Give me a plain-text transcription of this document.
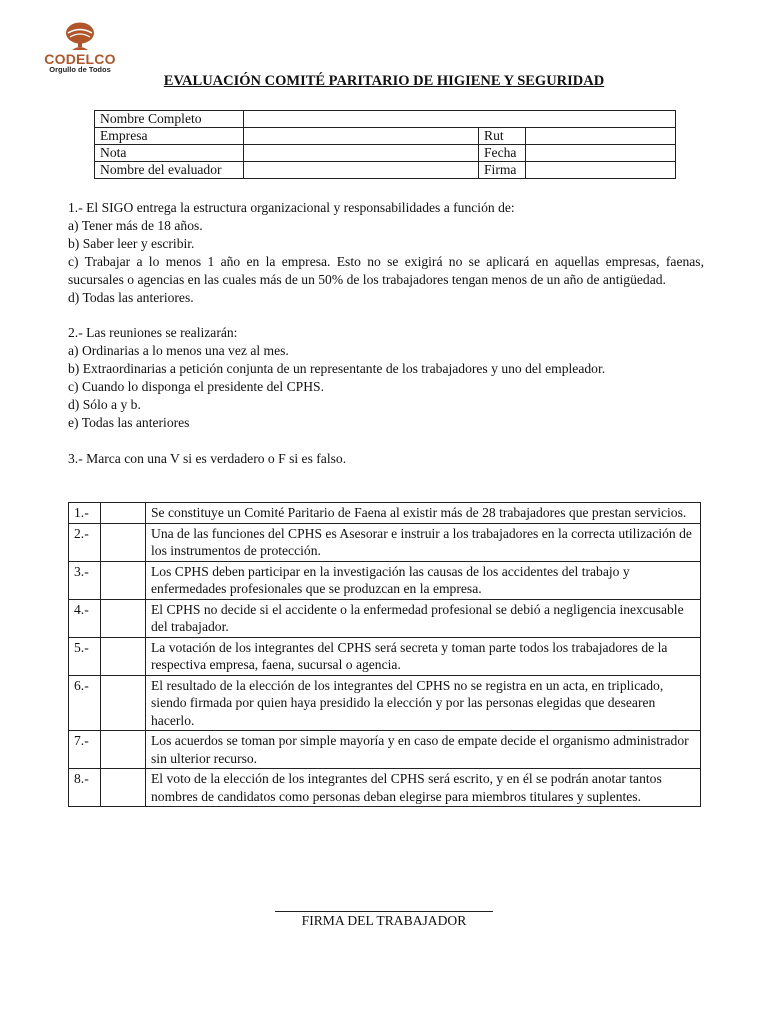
CODELCO
Orgullo de Todos
EVALUACIÓN COMITÉ PARITARIO DE HIGIENE Y SEGURIDAD
Nombre Completo			
Empresa		Rut	
Nota		Fecha	
Nombre del evaluador		Firma	

1.- El SIGO entrega la estructura organizacional y responsabilidades a función de:

a) Tener más de 18 años.

b) Saber leer y escribir.

c) Trabajar a lo menos 1 año en la empresa. Esto no se exigirá no se aplicará en aquellas empresas, faenas, sucursales o agencias en las cuales más de un 50% de los trabajadores tengan menos de un año de antigüedad.

d) Todas las anteriores.

2.- Las reuniones se realizarán:

a) Ordinarias a lo menos una vez al mes.

b) Extraordinarias a petición conjunta de un representante de los trabajadores y uno del empleador.

c) Cuando lo disponga el presidente del CPHS.

d) Sólo a y b.

e) Todas las anteriores

3.- Marca con una V si es verdadero o F si es falso.

1.-		Se constituye un Comité Paritario de Faena al existir más de 28 trabajadores que prestan servicios.
2.-		Una de las funciones del CPHS es Asesorar e instruir a los trabajadores en la correcta utilización de los instrumentos de protección.
3.-		Los CPHS deben participar en la investigación las causas de los accidentes del trabajo y enfermedades profesionales que se produzcan en la empresa.
4.-		El CPHS no decide si el accidente o la enfermedad profesional se debió a negligencia inexcusable del trabajador.
5.-		La votación de los integrantes del CPHS será secreta y toman parte todos los trabajadores de la respectiva empresa, faena, sucursal o agencia.
6.-		El resultado de la elección de los integrantes del CPHS no se registra en un acta, en triplicado, siendo firmada por quien haya presidido la elección y por las personas elegidas que desearen hacerlo.
7.-		Los acuerdos se toman por simple mayoría y en caso de empate decide el organismo administrador sin ulterior recurso.
8.-		El voto de la elección de los integrantes del CPHS será escrito, y en él se podrán anotar tantos nombres de candidatos como personas deban elegirse para miembros titulares y suplentes.
FIRMA DEL TRABAJADOR
